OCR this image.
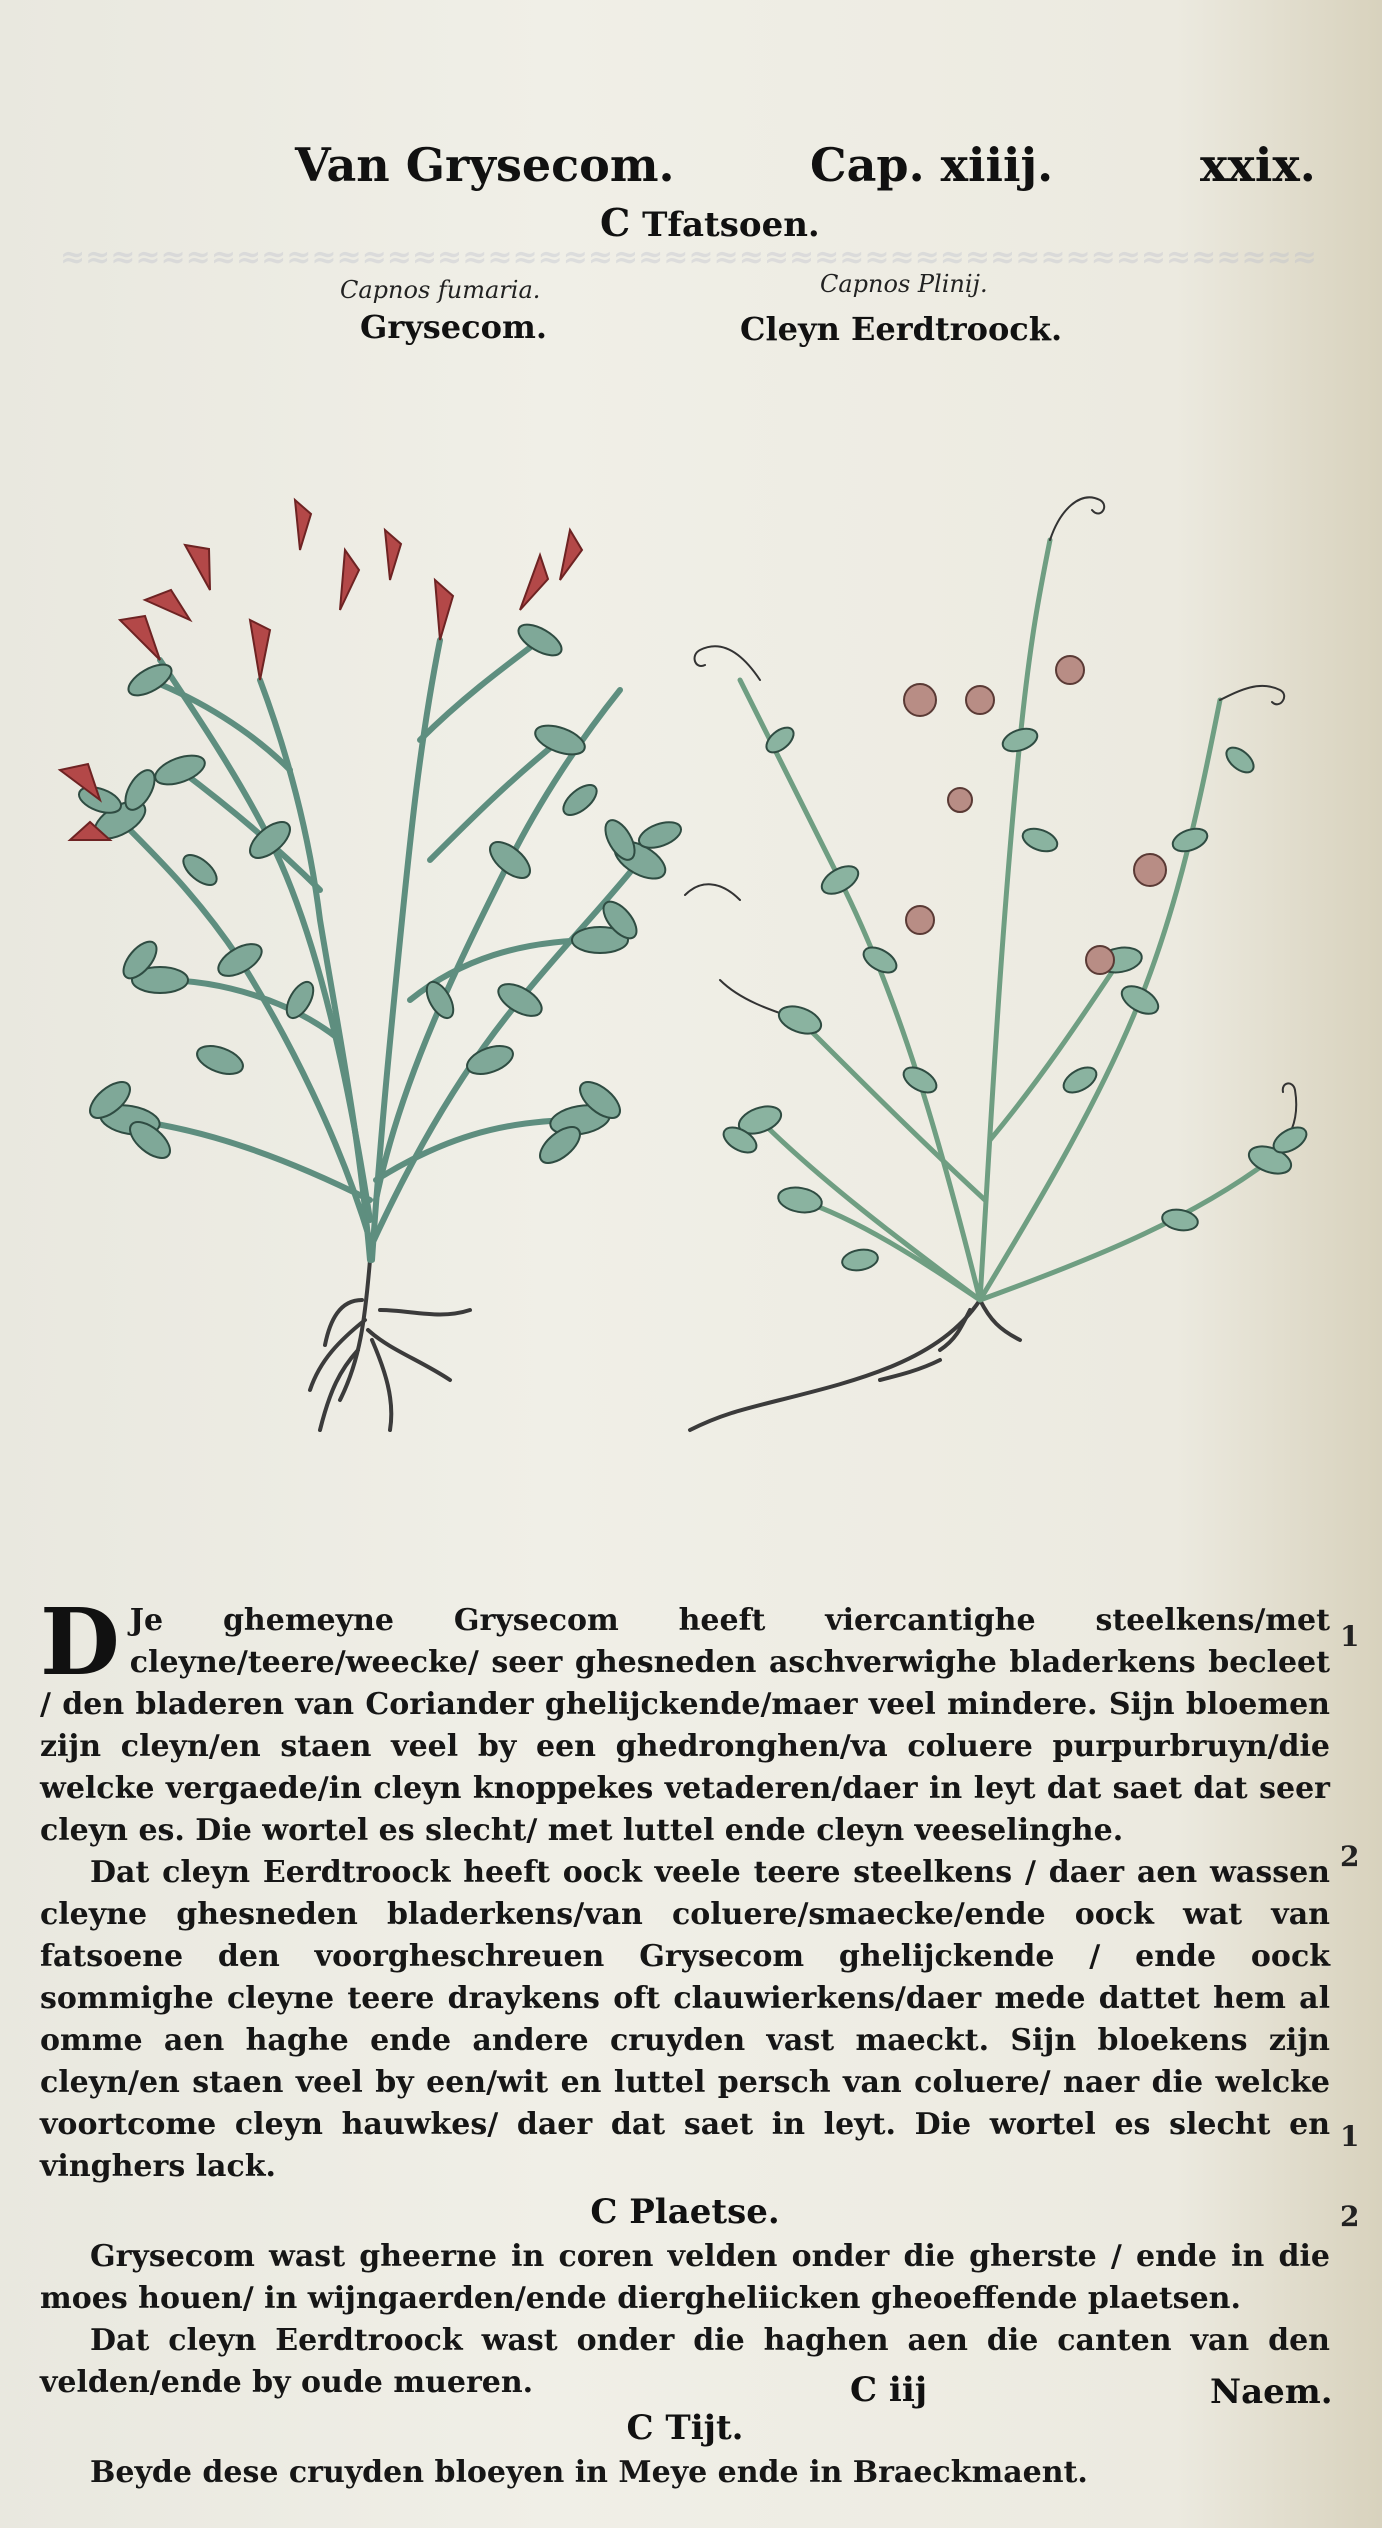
≈≈≈≈≈≈≈≈≈≈≈≈≈≈≈≈≈≈≈≈≈≈≈≈≈≈≈≈≈≈≈≈≈≈≈≈≈≈≈≈≈≈≈≈≈≈≈≈≈≈
Van Grysecom.	Cap. xiiij.	xxix.
C Tfatsoen.
Capnos fumaria.
Grysecom.
Capnos Plinij.
Cleyn Eerdtroock.
D Je ghemeyne Grysecom heeft viercantighe steelkens/met cleyne/teere/weecke/ seer ghesneden aschverwighe bladerkens becleet / den bladeren van Coriander ghelijckende/maer veel mindere. Sijn bloemen zijn cleyn/en staen veel by een ghedronghen/va coluere purpurbruyn/die welcke vergaede/in cleyn knoppekes vetaderen/daer in leyt dat saet dat seer cleyn es. Die wortel es slecht/ met luttel ende cleyn veeselinghe.

Dat cleyn Eerdtroock heeft oock veele teere steelkens / daer aen wassen cleyne ghesneden bladerkens/van coluere/smaecke/ende oock wat van fatsoene den voorgheschreuen Grysecom ghelijckende / ende oock sommighe cleyne teere draykens oft clauwierkens/daer mede dattet hem al omme aen haghe ende andere cruyden vast maeckt. Sijn bloekens zijn cleyn/en staen veel by een/wit en luttel persch van coluere/ naer die welcke voortcome cleyn hauwkes/ daer dat saet in leyt. Die wortel es slecht en vinghers lack.

C Plaetse.

Grysecom wast gheerne in coren velden onder die gherste / ende in die moes houen/ in wijngaerden/ende diergheliicken gheoeffende plaetsen.

Dat cleyn Eerdtroock wast onder die haghen aen die canten van den velden/ende by oude mueren.

C Tijt.

Beyde dese cruyden bloeyen in Meye ende in Braeckmaent.

1
2
1
2
C iij	Naem.
